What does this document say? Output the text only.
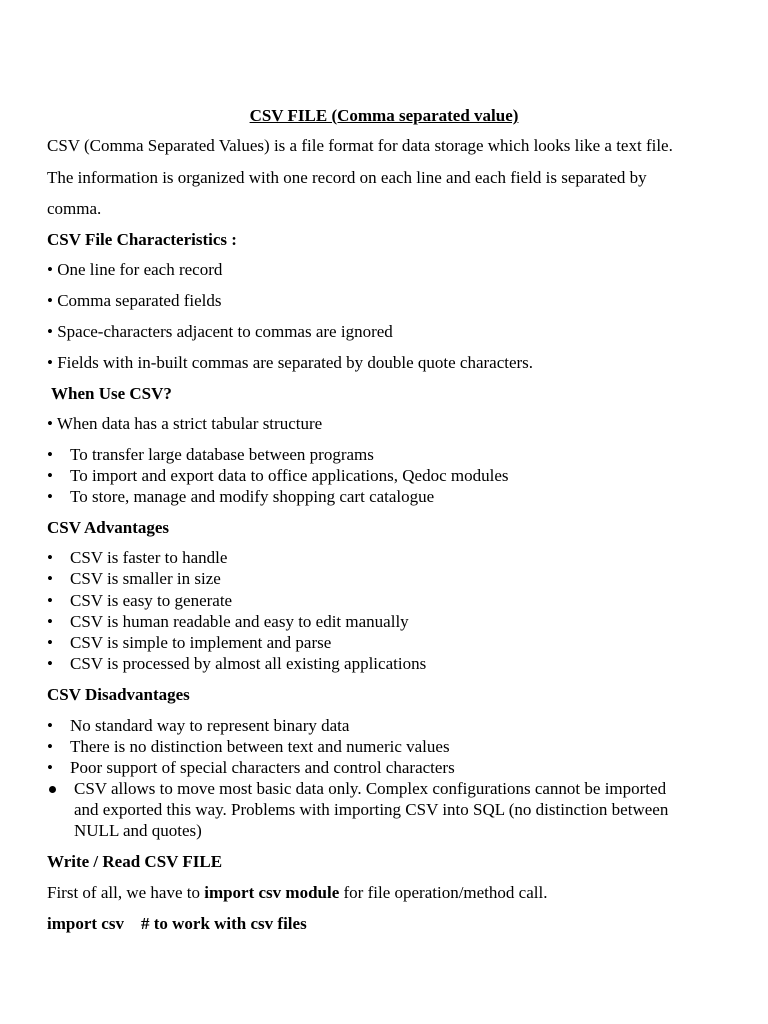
CSV FILE (Comma separated value)
CSV (Comma Separated Values) is a file format for data storage which looks like a text file.
The information is organized with one record on each line and each field is separated by
comma.
CSV File Characteristics :
• One line for each record
• Comma separated fields
• Space-characters adjacent to commas are ignored
• Fields with in-built commas are separated by double quote characters.
When Use CSV?
• When data has a strict tabular structure
• To transfer large database between programs
• To import and export data to office applications, Qedoc modules
• To store, manage and modify shopping cart catalogue
CSV Advantages
• CSV is faster to handle
• CSV is smaller in size
• CSV is easy to generate
• CSV is human readable and easy to edit manually
• CSV is simple to implement and parse
• CSV is processed by almost all existing applications
CSV Disadvantages
• No standard way to represent binary data
• There is no distinction between text and numeric values
• Poor support of special characters and control characters
CSV allows to move most basic data only. Complex configurations cannot be imported
and exported this way. Problems with importing CSV into SQL (no distinction between
NULL and quotes)
Write / Read CSV FILE
First of all, we have to import csv module for file operation/method call.
import csv    # to work with csv files
